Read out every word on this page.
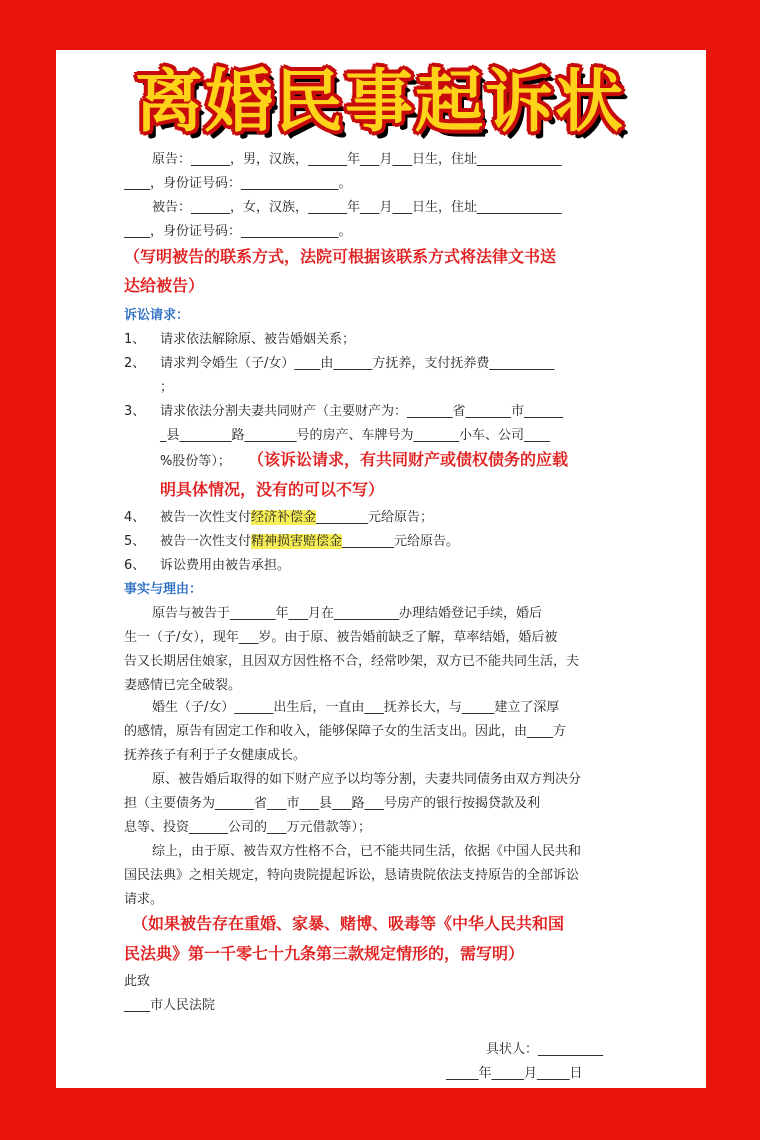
离婚民事起诉状
原告：______，男，汉族，______年___月___日生，住址_____________
____，身份证号码：_______________。
被告：______，女，汉族，______年___月___日生，住址_____________
____，身份证号码：_______________。
（写明被告的联系方式，法院可根据该联系方式将法律文书送
达给被告）
诉讼请求：
1、 请求依法解除原、被告婚姻关系；
2、 请求判令婚生（子/女）____由______方抚养，支付抚养费__________
；
3、 请求依法分割夫妻共同财产（主要财产为：_______省_______市______
_县________路________号的房产、车牌号为_______小车、公司____
%股份等）；	（该诉讼请求，有共同财产或债权债务的应载
明具体情况，没有的可以不写）
4、 被告一次性支付经济补偿金________元给原告；
5、 被告一次性支付精神损害赔偿金________元给原告。
6、 诉讼费用由被告承担。
事实与理由：
原告与被告于_______年___月在__________办理结婚登记手续，婚后
生一（子/女），现年___岁。由于原、被告婚前缺乏了解，草率结婚，婚后被
告又长期居住娘家，且因双方因性格不合，经常吵架，双方已不能共同生活，夫
妻感情已完全破裂。
婚生（子/女）______出生后，一直由___抚养长大，与_____建立了深厚
的感情，原告有固定工作和收入，能够保障子女的生活支出。因此，由____方
抚养孩子有利于子女健康成长。
原、被告婚后取得的如下财产应予以均等分割，夫妻共同债务由双方判决分
担（主要债务为______省___市___县___路___号房产的银行按揭贷款及利
息等、投资______公司的___万元借款等）；
综上，由于原、被告双方性格不合，已不能共同生活，依据《中国人民共和
国民法典》之相关规定，特向贵院提起诉讼，恳请贵院依法支持原告的全部诉讼
请求。
（如果被告存在重婚、家暴、赌博、吸毒等《中华人民共和国
民法典》第一千零七十九条第三款规定情形的，需写明）
此致
____市人民法院
具状人：__________
_____年_____月_____日
